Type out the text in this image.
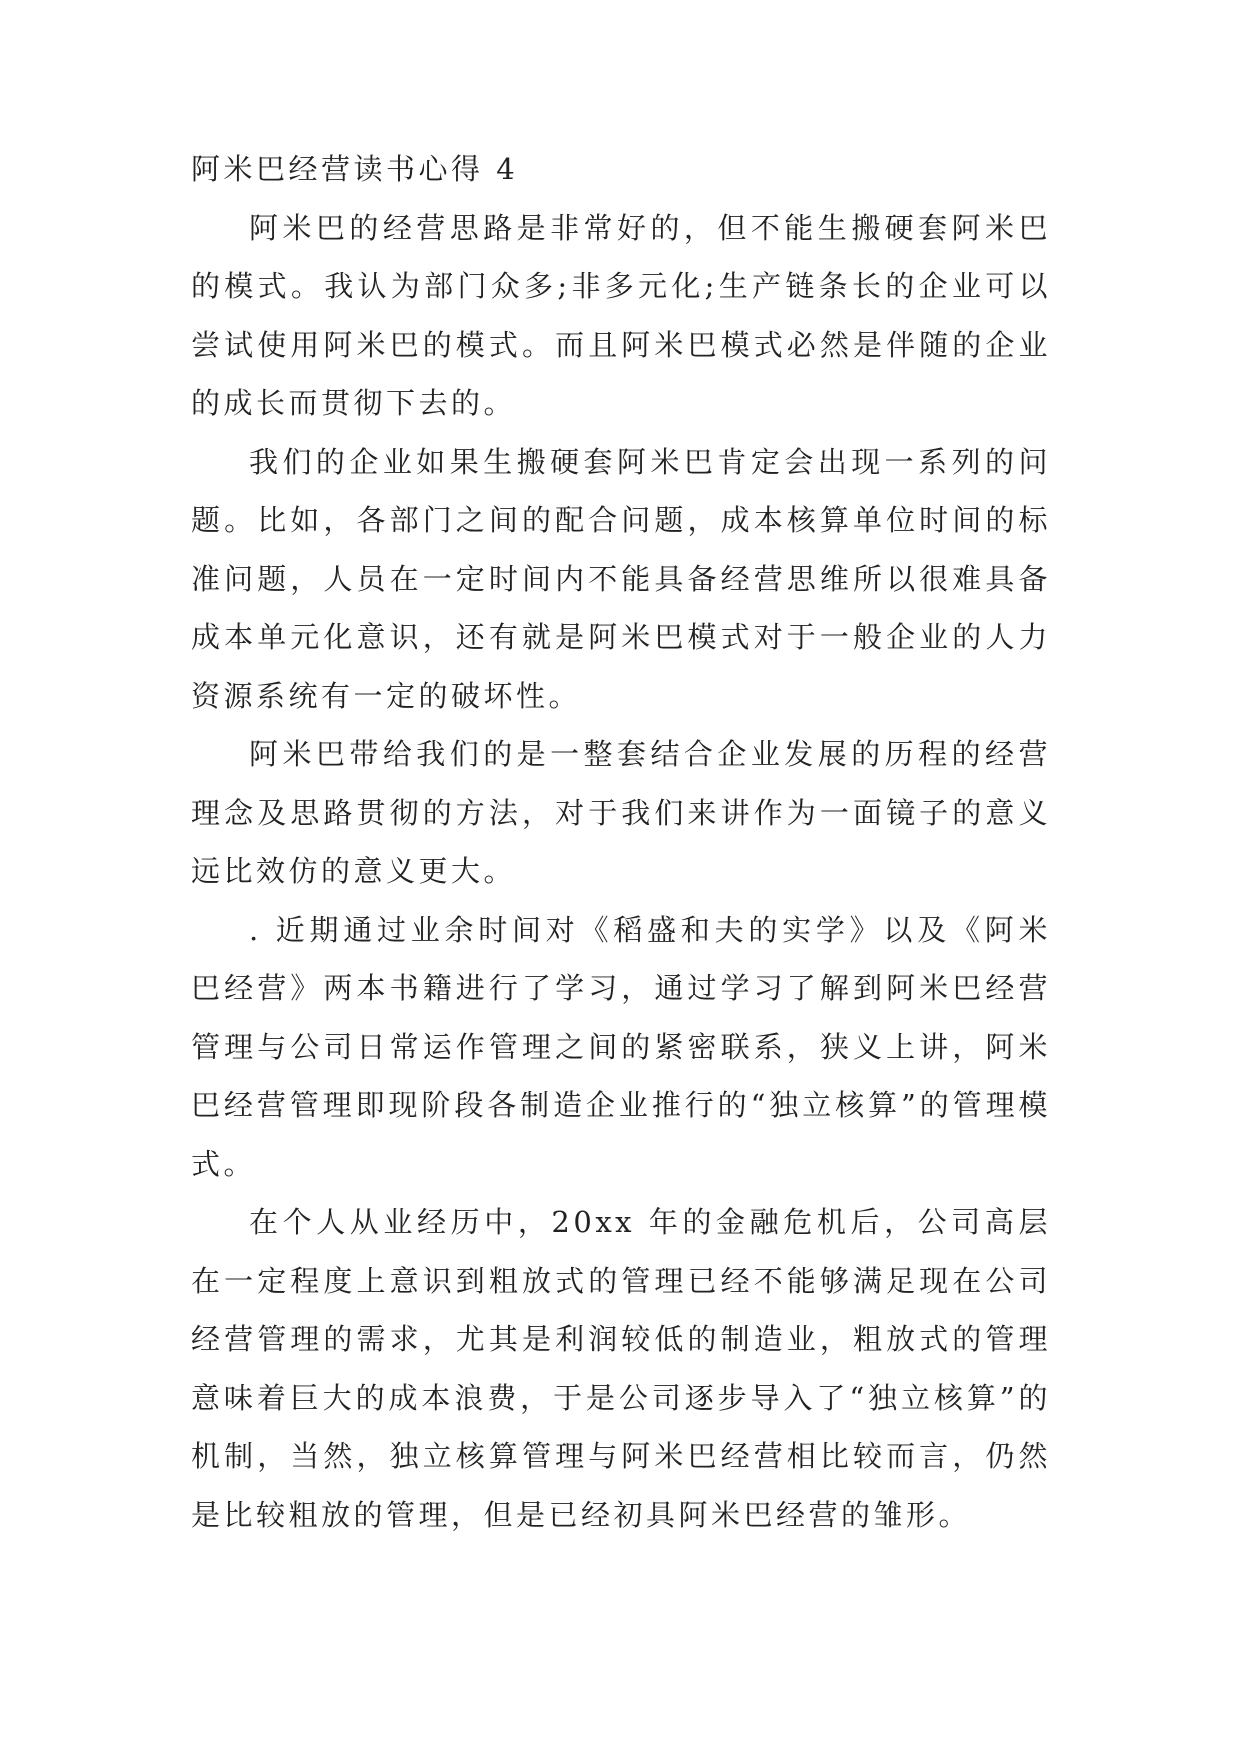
阿米巴经营读书心得 4

阿米巴的经营思路是非常好的，但不能生搬硬套阿米巴的模式。我认为部门众多;非多元化;生产链条长的企业可以尝试使用阿米巴的模式。而且阿米巴模式必然是伴随的企业的成长而贯彻下去的。

我们的企业如果生搬硬套阿米巴肯定会出现一系列的问题。比如，各部门之间的配合问题，成本核算单位时间的标准问题，人员在一定时间内不能具备经营思维所以很难具备成本单元化意识，还有就是阿米巴模式对于一般企业的人力资源系统有一定的破坏性。

阿米巴带给我们的是一整套结合企业发展的历程的经营理念及思路贯彻的方法，对于我们来讲作为一面镜子的意义远比效仿的意义更大。

. 近期通过业余时间对《稻盛和夫的实学》以及《阿米巴经营》两本书籍进行了学习，通过学习了解到阿米巴经营管理与公司日常运作管理之间的紧密联系，狭义上讲，阿米巴经营管理即现阶段各制造企业推行的“独立核算”的管理模式。

在个人从业经历中，20xx 年的金融危机后，公司高层在一定程度上意识到粗放式的管理已经不能够满足现在公司经营管理的需求，尤其是利润较低的制造业，粗放式的管理意味着巨大的成本浪费，于是公司逐步导入了“独立核算”的机制，当然，独立核算管理与阿米巴经营相比较而言，仍然是比较粗放的管理，但是已经初具阿米巴经营的雏形。
